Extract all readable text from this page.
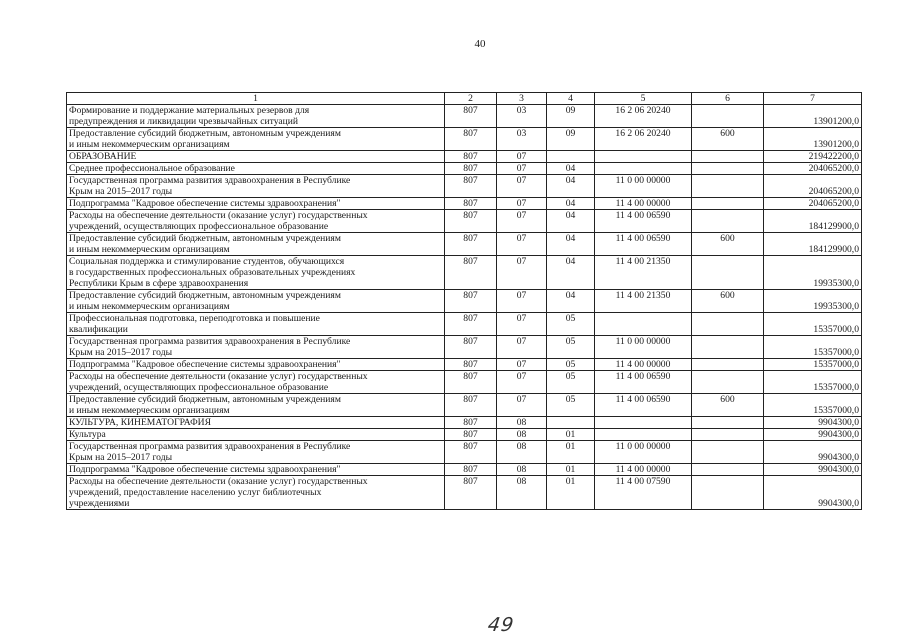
40
1	2	3	4	5	6	7

Формирование и поддержание материальных резервов для
предупреждения и ликвидации чрезвычайных ситуаций	807	03	09	16 2 06 20240		13901200,0

Предоставление субсидий бюджетным, автономным учреждениям
и иным некоммерческим организациям	807	03	09	16 2 06 20240	600	13901200,0

ОБРАЗОВАНИЕ	807	07				219422200,0

Среднее профессиональное образование	807	07	04			204065200,0

Государственная программа развития здравоохранения в Республике
Крым на 2015–2017 годы	807	07	04	11 0 00 00000		204065200,0

Подпрограмма "Кадровое обеспечение системы здравоохранения"	807	07	04	11 4 00 00000		204065200,0

Расходы на обеспечение деятельности (оказание услуг) государственных
учреждений, осуществляющих профессиональное образование	807	07	04	11 4 00 06590		184129900,0

Предоставление субсидий бюджетным, автономным учреждениям
и иным некоммерческим организациям	807	07	04	11 4 00 06590	600	184129900,0

Социальная поддержка и стимулирование студентов, обучающихся
в государственных профессиональных образовательных учреждениях
Республики Крым в сфере здравоохранения	807	07	04	11 4 00 21350		19935300,0

Предоставление субсидий бюджетным, автономным учреждениям
и иным некоммерческим организациям	807	07	04	11 4 00 21350	600	19935300,0

Профессиональная подготовка, переподготовка и повышение
квалификации	807	07	05			15357000,0

Государственная программа развития здравоохранения в Республике
Крым на 2015–2017 годы	807	07	05	11 0 00 00000		15357000,0

Подпрограмма "Кадровое обеспечение системы здравоохранения"	807	07	05	11 4 00 00000		15357000,0

Расходы на обеспечение деятельности (оказание услуг) государственных
учреждений, осуществляющих профессиональное образование	807	07	05	11 4 00 06590		15357000,0

Предоставление субсидий бюджетным, автономным учреждениям
и иным некоммерческим организациям	807	07	05	11 4 00 06590	600	15357000,0

КУЛЬТУРА, КИНЕМАТОГРАФИЯ	807	08				9904300,0

Культура	807	08	01			9904300,0

Государственная программа развития здравоохранения в Республике
Крым на 2015–2017 годы	807	08	01	11 0 00 00000		9904300,0

Подпрограмма "Кадровое обеспечение системы здравоохранения"	807	08	01	11 4 00 00000		9904300,0

Расходы на обеспечение деятельности (оказание услуг) государственных
учреждений, предоставление населению услуг библиотечных
учреждениями	807	08	01	11 4 00 07590		9904300,0
49
